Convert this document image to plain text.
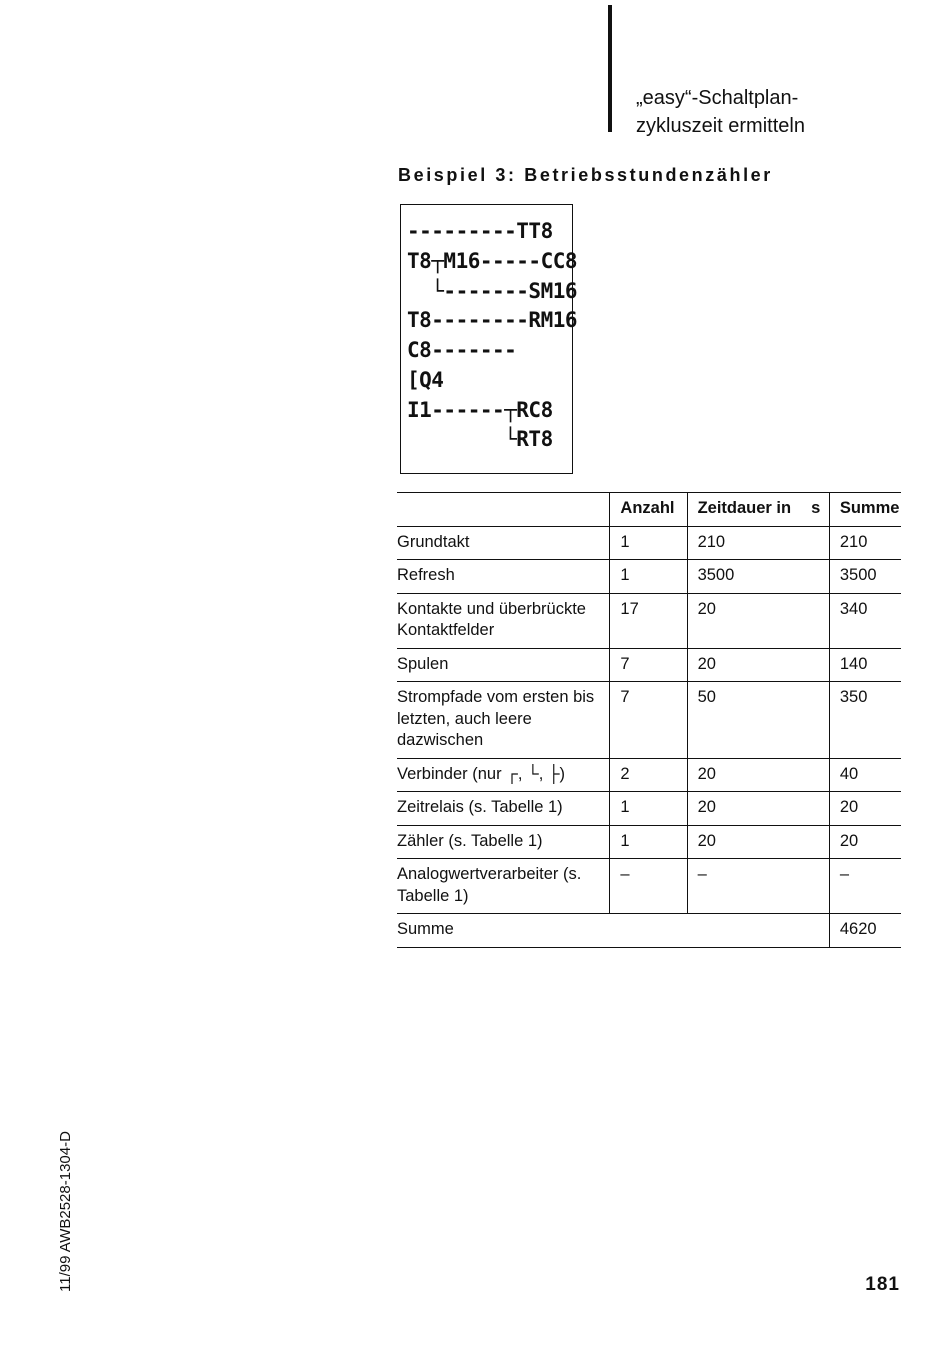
„easy“-Schaltplan-
zykluszeit ermitteln
Beispiel 3: Betriebsstundenzähler
---------TT8
T8┬M16-----CC8
└-------SM16
T8--------RM16
C8-------
[Q4
I1------┬RC8
└RT8
	Anzahl	Zeitdauer in s	Summe
Grundtakt	1	210	210
Refresh	1	3500	3500
Kontakte und überbrückte Kontaktfelder	17	20	340
Spulen	7	20	140
Strompfade vom ersten bis letzten, auch leere dazwischen	7	50	350
Verbinder (nur ┌, └, ├)	2	20	40
Zeitrelais (s. Tabelle 1)	1	20	20
Zähler (s. Tabelle 1)	1	20	20
Analogwertverarbeiter (s. Tabelle 1)	–	–	–
Summe			4620
11/99 AWB2528-1304-D	181
